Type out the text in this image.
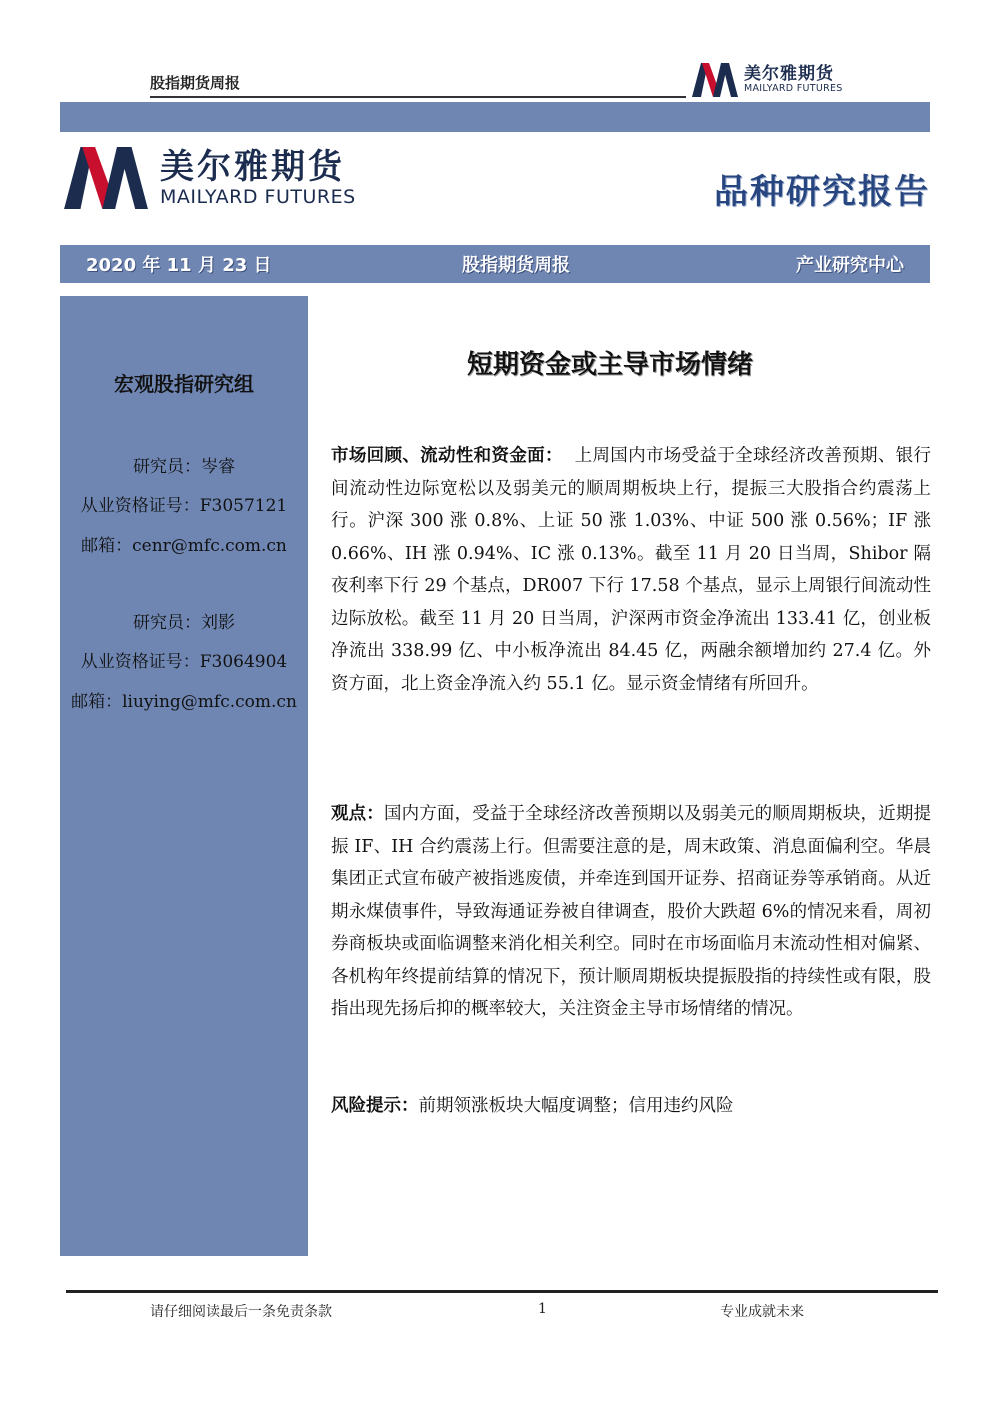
股指期货周报	美尔雅期货
MAILYARD FUTURES
美尔雅期货
MAILYARD FUTURES	品种研究报告
2020 年 11 月 23 日	股指期货周报	产业研究中心
宏观股指研究组
研究员：岑睿
从业资格证号：F3057121
邮箱：cenr@mfc.com.cn
研究员：刘影
从业资格证号：F3064904
邮箱：liuying@mfc.com.cn
短期资金或主导市场情绪
市场回顾、流动性和资金面： 上周国内市场受益于全球经济改善预期、银行间流动性边际宽松以及弱美元的顺周期板块上行，提振三大股指合约震荡上行。沪深 300 涨 0.8%、上证 50 涨 1.03%、中证 500 涨 0.56%；IF 涨 0.66%、IH 涨 0.94%、IC 涨 0.13%。截至 11 月 20 日当周，Shibor 隔夜利率下行 29 个基点，DR007 下行 17.58 个基点，显示上周银行间流动性边际放松。截至 11 月 20 日当周，沪深两市资金净流出 133.41 亿，创业板净流出 338.99 亿、中小板净流出 84.45 亿，两融余额增加约 27.4 亿。外资方面，北上资金净流入约 55.1 亿。显示资金情绪有所回升。
观点：国内方面，受益于全球经济改善预期以及弱美元的顺周期板块，近期提振 IF、IH 合约震荡上行。但需要注意的是，周末政策、消息面偏利空。华晨集团正式宣布破产被指逃废债，并牵连到国开证券、招商证券等承销商。从近期永煤债事件，导致海通证券被自律调查，股价大跌超 6%的情况来看，周初券商板块或面临调整来消化相关利空。同时在市场面临月末流动性相对偏紧、各机构年终提前结算的情况下，预计顺周期板块提振股指的持续性或有限，股指出现先扬后抑的概率较大，关注资金主导市场情绪的情况。
风险提示：前期领涨板块大幅度调整；信用违约风险
请仔细阅读最后一条免责条款	1	专业成就未来
